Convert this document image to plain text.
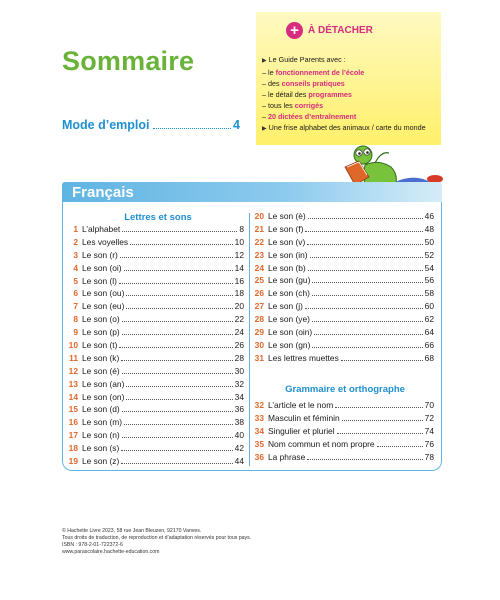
Sommaire
Mode d’emploi	4
+ À DÉTACHER
▶ Le Guide Parents avec :
– le fonctionnement de l’école
– des conseils pratiques
– le détail des programmes
– tous les corrigés
– 20 dictées d’entraînement
▶ Une frise alphabet des animaux / carte du monde
Français
Lettres et sons
1 L’alphabet	8
2 Les voyelles	10
3 Le son (r)	12
4 Le son (oi)	14
5 Le son (l)	16
6 Le son (ou)	18
7 Le son (eu)	20
8 Le son (o)	22
9 Le son (p)	24
10 Le son (t)	26
11 Le son (k)	28
12 Le son (é)	30
13 Le son (an)	32
14 Le son (on)	34
15 Le son (d)	36
16 Le son (m)	38
17 Le son (n)	40
18 Le son (s)	42
19 Le son (z)	44
20 Le son (è)	46
21 Le son (f)	48
22 Le son (v)	50
23 Le son (in)	52
24 Le son (b)	54
25 Le son (gu)	56
26 Le son (ch)	58
27 Le son (j)	60
28 Le son (ye)	62
29 Le son (oin)	64
30 Le son (gn)	66
31 Les lettres muettes	68
Grammaire et orthographe
32 L’article et le nom	70
33 Masculin et féminin	72
34 Singulier et pluriel	74
35 Nom commun et nom propre	76
36 La phrase	78
© Hachette Livre 2023, 58 rue Jean Bleuzen, 92170 Vanves.
Tous droits de traduction, de reproduction et d’adaptation réservés pour tous pays.
ISBN : 978-2-01-722372-6
www.parascolaire.hachette-education.com
